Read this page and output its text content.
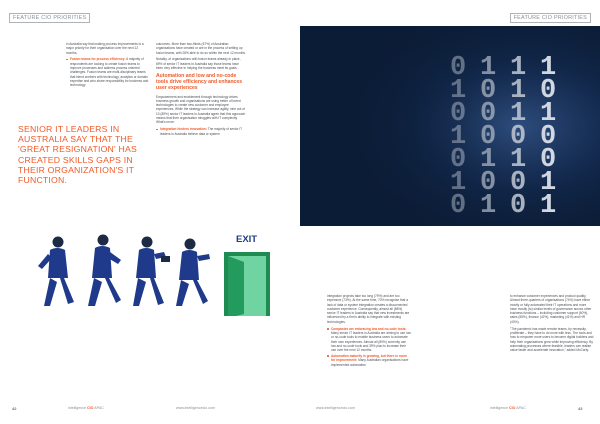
FEATURE CIO PRIORITIES

in Australia say that making process improvements is a major priority for their organisation over the next 12 months.

Fusion teams for process efficiency: A majority of respondents are looking to create fusion teams to improve processes and address process oriented challenges. Fusion teams are multi-disciplinary teams that blend workers with technology, analytics or domain expertise and who share responsibility for business and technology

outcomes. More than two-thirds (67%) of Australian organisations have created or are in the process of setting up fusion teams, with 28% able to do so within the next 12 months.

Notably, of organisations with fusion teams already in place, 69% of senior IT leaders in Australia say those teams have been very effective in helping the business meet its goals.

Automation and low and no-code tools drive efficiency and enhances user experiences

Empowerment and enablement through technology drives business growth and organisations are using better of breed technologies to create new customer and employee experiences. While the strategy can increase agility, nine out of 10 (89%) senior IT leaders in Australia agree that this approach means that their organisation struggles with IT complexity. What's more:

Integration hinders innovation: The majority of senior IT leaders in Australia believe data or system
SENIOR IT LEADERS IN AUSTRALIA SAY THAT THE 'GREAT RESIGNATION' HAS CREATED SKILLS GAPS IN THEIR ORGANIZATION'S IT FUNCTION.
FEATURE CIO PRIORITIES
EXIT

integration projects take too long (79%) and are too expensive (73%). At the same time, 70% recognise that a lack of data or system integration creates a disconnected customer experience. Consequently, almost all (88%) senior IT leaders in Australia say that new investments are influenced by a firm's ability to integrate with existing technologies.

Companies are embracing low and no-code tools: Many senior IT leaders in Australia are aiming to use low or no-code tools to enable business users to automate their own experiences. Almost all (89%) currently use low and no-code tools and 39% plan to increase their use over the next 12 months.
Automation maturity is growing, but there is room for improvement: Many Australian organisations have implemented automation

to enhance customer experiences and product quality. Almost three-quarters of organisations (74%) have either mostly or fully automated their IT operations and more have mostly (to) similar levels of governance across other business functions – including customer support (60%), sales (55%), finance (42%), marketing (41%) and HR (40%).

"The pandemic has made remote teams, by necessity, proliferate – they have to do more with less. The tools and how to empower more users to become digital builders and help their organisations grow while improving efficiency. By automating processes where feasible, leaders can realise value faster and accelerate innovation," added McCarty.

42	intelligence CIO APAC	www.intelligencecio.com	www.intelligencecio.com	intelligence CIO APAC	43
